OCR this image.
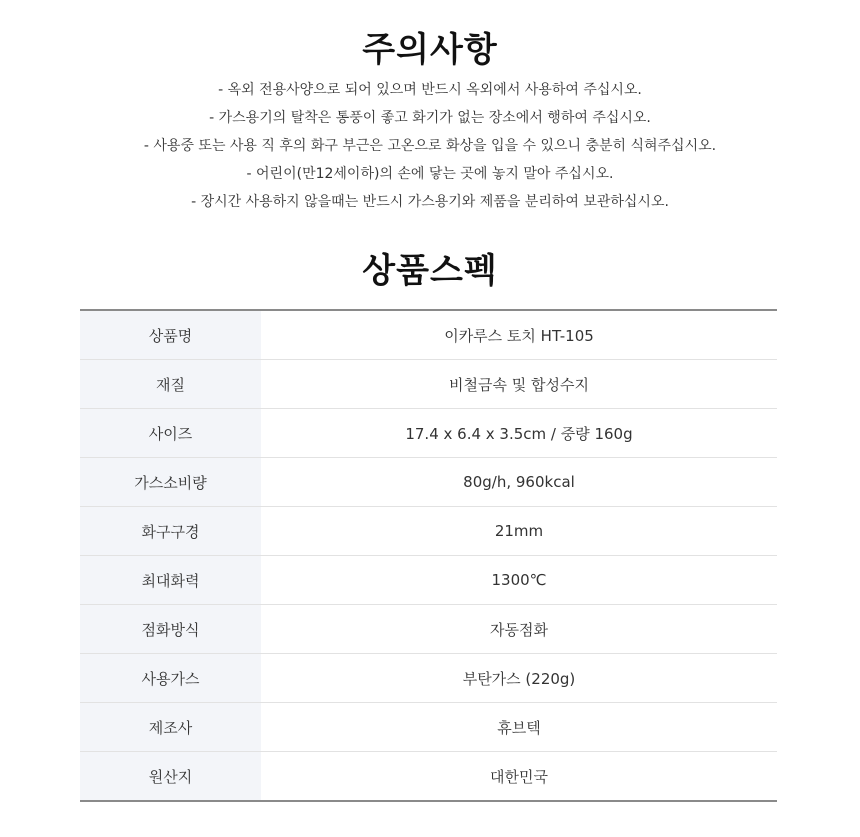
주의사항
- 옥외 전용사양으로 되어 있으며 반드시 옥외에서 사용하여 주십시오.
- 가스용기의 탈착은 통풍이 좋고 화기가 없는 장소에서 행하여 주십시오.
- 사용중 또는 사용 직 후의 화구 부근은 고온으로 화상을 입을 수 있으니 충분히 식혀주십시오.
- 어린이(만12세이하)의 손에 닿는 곳에 놓지 말아 주십시오.
- 장시간 사용하지 않을때는 반드시 가스용기와 제품을 분리하여 보관하십시오.
상품스펙
상품명	이카루스 토치 HT-105
재질	비철금속 및 합성수지
사이즈	17.4 x 6.4 x 3.5cm / 중량 160g
가스소비량	80g/h, 960kcal
화구구경	21mm
최대화력	1300℃
점화방식	자동점화
사용가스	부탄가스 (220g)
제조사	휴브텍
원산지	대한민국
